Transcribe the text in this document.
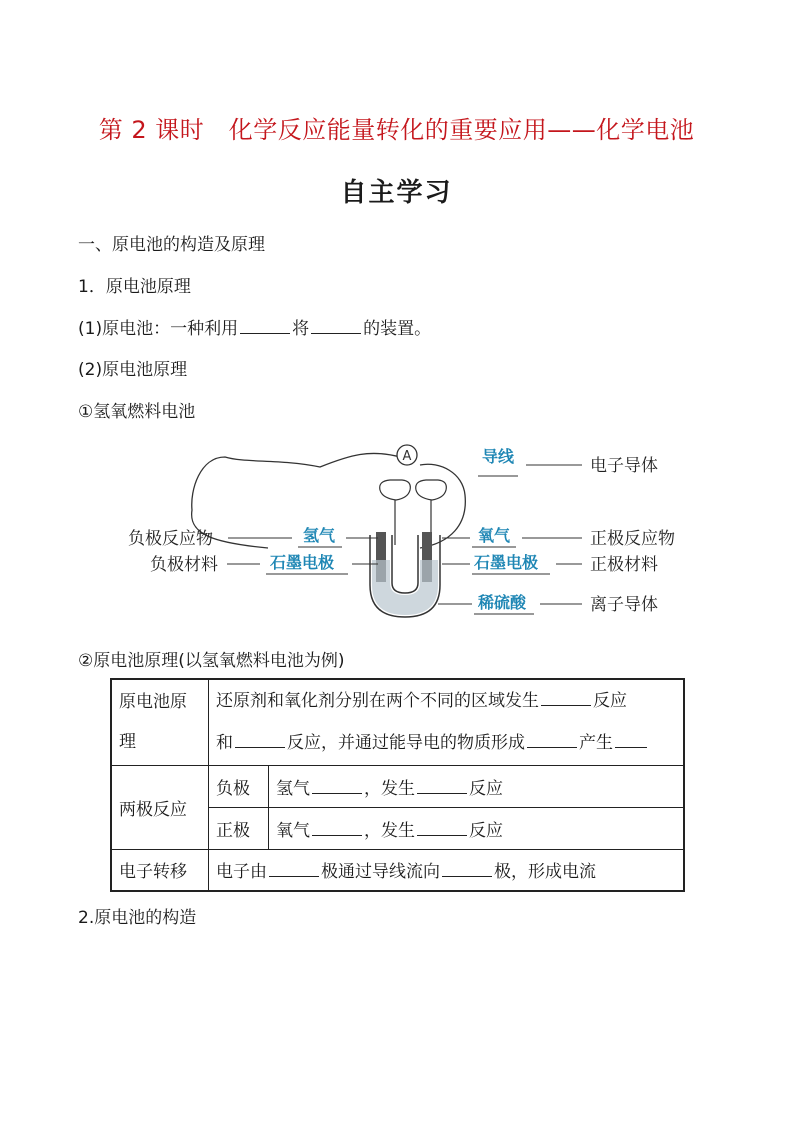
第 2 课时　化学反应能量转化的重要应用——化学电池
自主学习
一、原电池的构造及原理
1．原电池原理
(1)原电池：一种利用	将	的装置。
(2)原电池原理
①氢氧燃料电池
A	导线	电子导体
氢气
负极反应物
石墨电极
负极材料
氧气	正极反应物
石墨电极	正极材料
稀硫酸	离子导体
②原电池原理(以氢氧燃料电池为例)
原电池原理	还原剂和氧化剂分别在两个不同的区域发生 反应
和 反应，并通过能导电的物质形成 产生	

两极反应	负极	氢气 ，发生 反应
	正极	氧气 ，发生 反应
电子转移	电子由 极通过导线流向 极，形成电流	
2.原电池的构造
